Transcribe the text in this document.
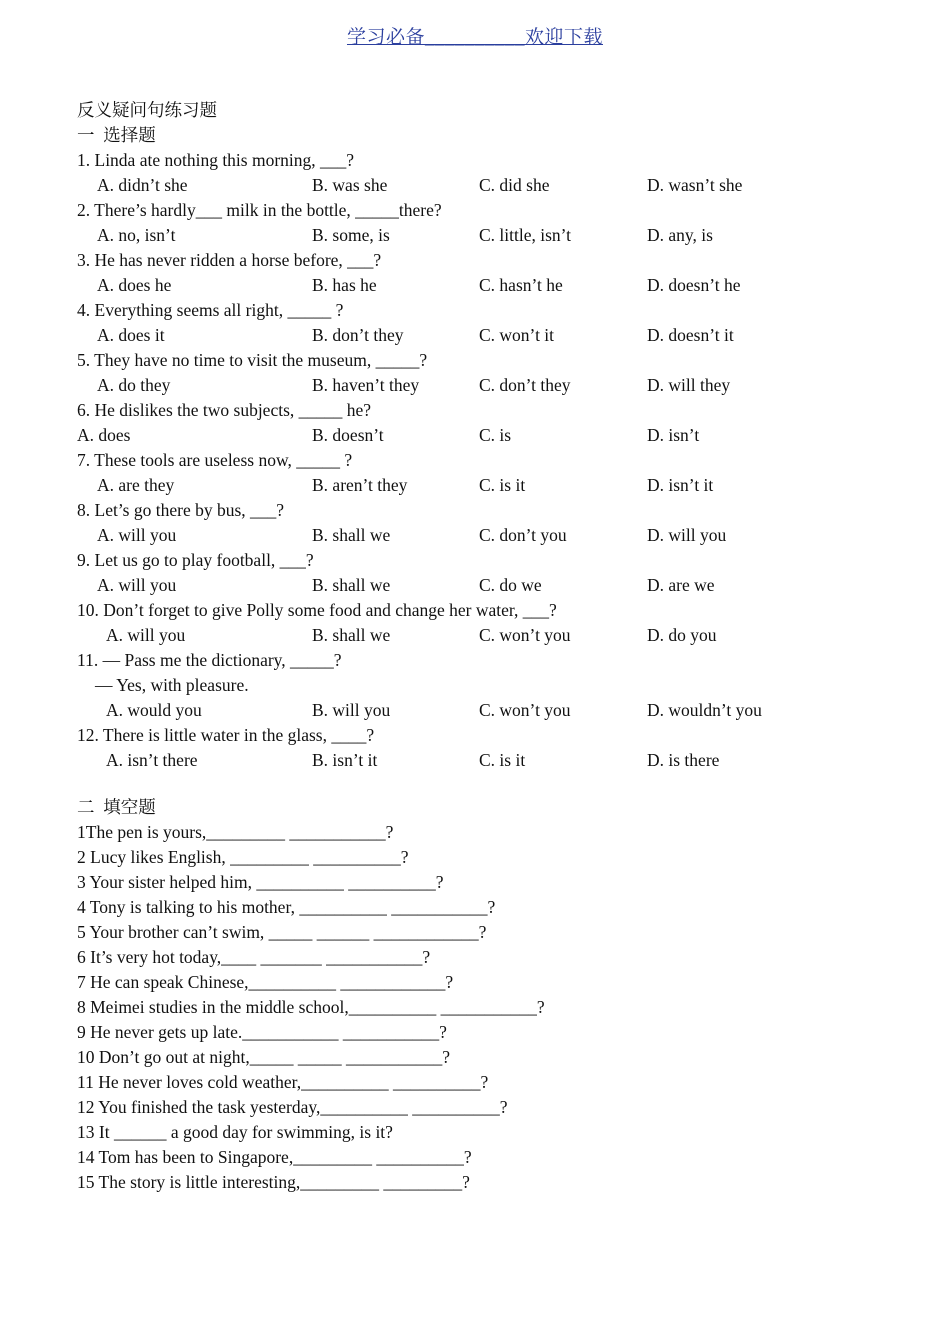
学习必备__________欢迎下载
反义疑问句练习题
一  选择题
1. Linda ate nothing this morning, ___?
A. didn’t she	B. was she	C. did she	D. wasn’t she
2. There’s hardly___ milk in the bottle, _____there?
A. no, isn’t	B. some, is	C. little, isn’t	D. any, is
3. He has never ridden a horse before, ___?
A. does he	B. has he	C. hasn’t he	D. doesn’t he
4. Everything seems all right, _____ ?
A. does it	B. don’t they	C. won’t it	D. doesn’t it
5. They have no time to visit the museum, _____?
A. do they	B. haven’t they	C. don’t they	D. will they
6. He dislikes the two subjects, _____ he?
A. does	B. doesn’t	C. is	D. isn’t
7. These tools are useless now, _____ ?
A. are they	B. aren’t they	C. is it	D. isn’t it
8. Let’s go there by bus, ___?
A. will you	B. shall we	C. don’t you	D. will you
9. Let us go to play football, ___?
A. will you	B. shall we	C. do we	D. are we
10. Don’t forget to give Polly some food and change her water, ___?
A. will you	B. shall we	C. won’t you	D. do you
11. — Pass me the dictionary, _____?
— Yes, with pleasure.
A. would you	B. will you	C. won’t you	D. wouldn’t you
12. There is little water in the glass, ____?
A. isn’t there	B. isn’t it	C. is it	D. is there
二  填空题
1The pen is yours,_________ ___________?
2 Lucy likes English, _________ __________?
3 Your sister helped him, __________ __________?
4 Tony is talking to his mother, __________ ___________?
5 Your brother can’t swim, _____ ______ ____________?
6 It’s very hot today,____ _______ ___________?
7 He can speak Chinese,__________ ____________?
8 Meimei studies in the middle school,__________ ___________?
9 He never gets up late.___________ ___________?
10 Don’t go out at night,_____ _____ ___________?
11 He never loves cold weather,__________ __________?
12 You finished the task yesterday,__________ __________?
13 It ______ a good day for swimming, is it?
14 Tom has been to Singapore,_________ __________?
15 The story is little interesting,_________ _________?
